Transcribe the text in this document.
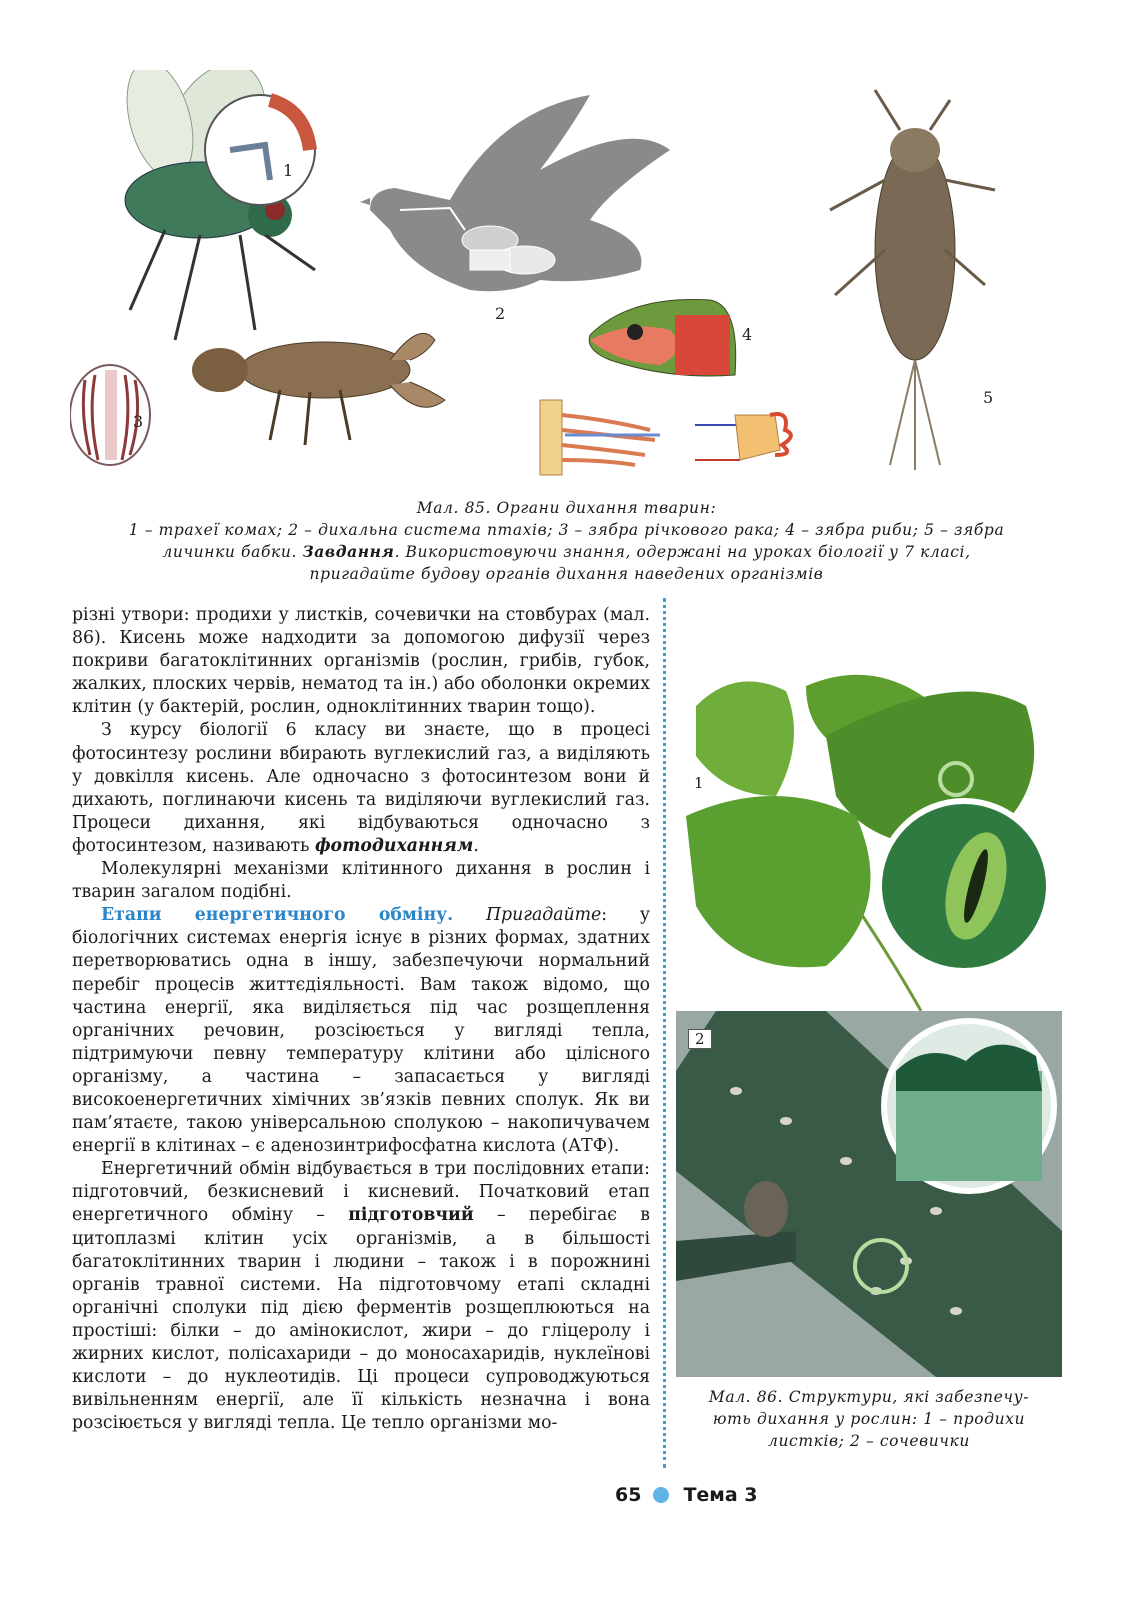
1
2
3
4
5
Мал. 85. Органи дихання тварин:
1 – трахеї комах; 2 – дихальна система птахів; 3 – зябра річкового рака; 4 – зябра риби; 5 – зябра
личинки бабки. Завдання. Використовуючи знання, одержані на уроках біології у 7 класі,
пригадайте будову органів дихання наведених організмів

різні утвори: продихи у листків, сочевички на стовбурах (мал. 86). Кисень може надходити за допомогою дифузії через покриви багатоклітинних організмів (рослин, грибів, губок, жалких, плоских червів, нематод та ін.) або оболонки окремих клітин (у бактерій, рослин, одноклітинних тварин тощо).

З курсу біології 6 класу ви знаєте, що в процесі фотосинтезу рослини вбирають вуглекислий газ, а виділяють у довкілля кисень. Але одночасно з фотосинтезом вони й дихають, поглинаючи кисень та виділяючи вуглекислий газ. Процеси дихання, які відбуваються одночасно з фотосинтезом, називають фотодиханням.

Молекулярні механізми клітинного дихання в рослин і тварин загалом подібні.

Етапи енергетичного обміну. Пригадайте: у біологічних системах енергія існує в різних формах, здатних перетворюватись одна в іншу, забезпечуючи нормальний перебіг процесів життєдіяльності. Вам також відомо, що частина енергії, яка виділяється під час розщеплення органічних речовин, розсіюється у вигляді тепла, підтримуючи певну температуру клітини або цілісного організму, а частина – запасається у вигляді високоенергетичних хімічних зв’язків певних сполук. Як ви пам’ятаєте, такою універсальною сполукою – накопичувачем енергії в клітинах – є аденозинтрифосфатна кислота (АТФ).

Енергетичний обмін відбувається в три послідовних етапи: підготовчий, безкисневий і кисневий. Початковий етап енергетичного обміну – підготовчий – перебігає в цитоплазмі клітин усіх організмів, а в більшості багатоклітинних тварин і людини – також і в порожнині органів травної системи. На підготовчому етапі складні органічні сполуки під дією ферментів розщеплюються на простіші: білки – до амінокислот, жири – до гліцеролу і жирних кислот, полісахариди – до моносахаридів, нуклеїнові кислоти – до нуклеотидів. Ці процеси супроводжуються вивільненням енергії, але її кількість незначна і вона розсіюється у вигляді тепла. Це тепло організми мо-

1
2
Мал. 86. Структури, які забезпечу-
ють дихання у рослин: 1 – продихи
листків; 2 – сочевички
65 Тема 3
